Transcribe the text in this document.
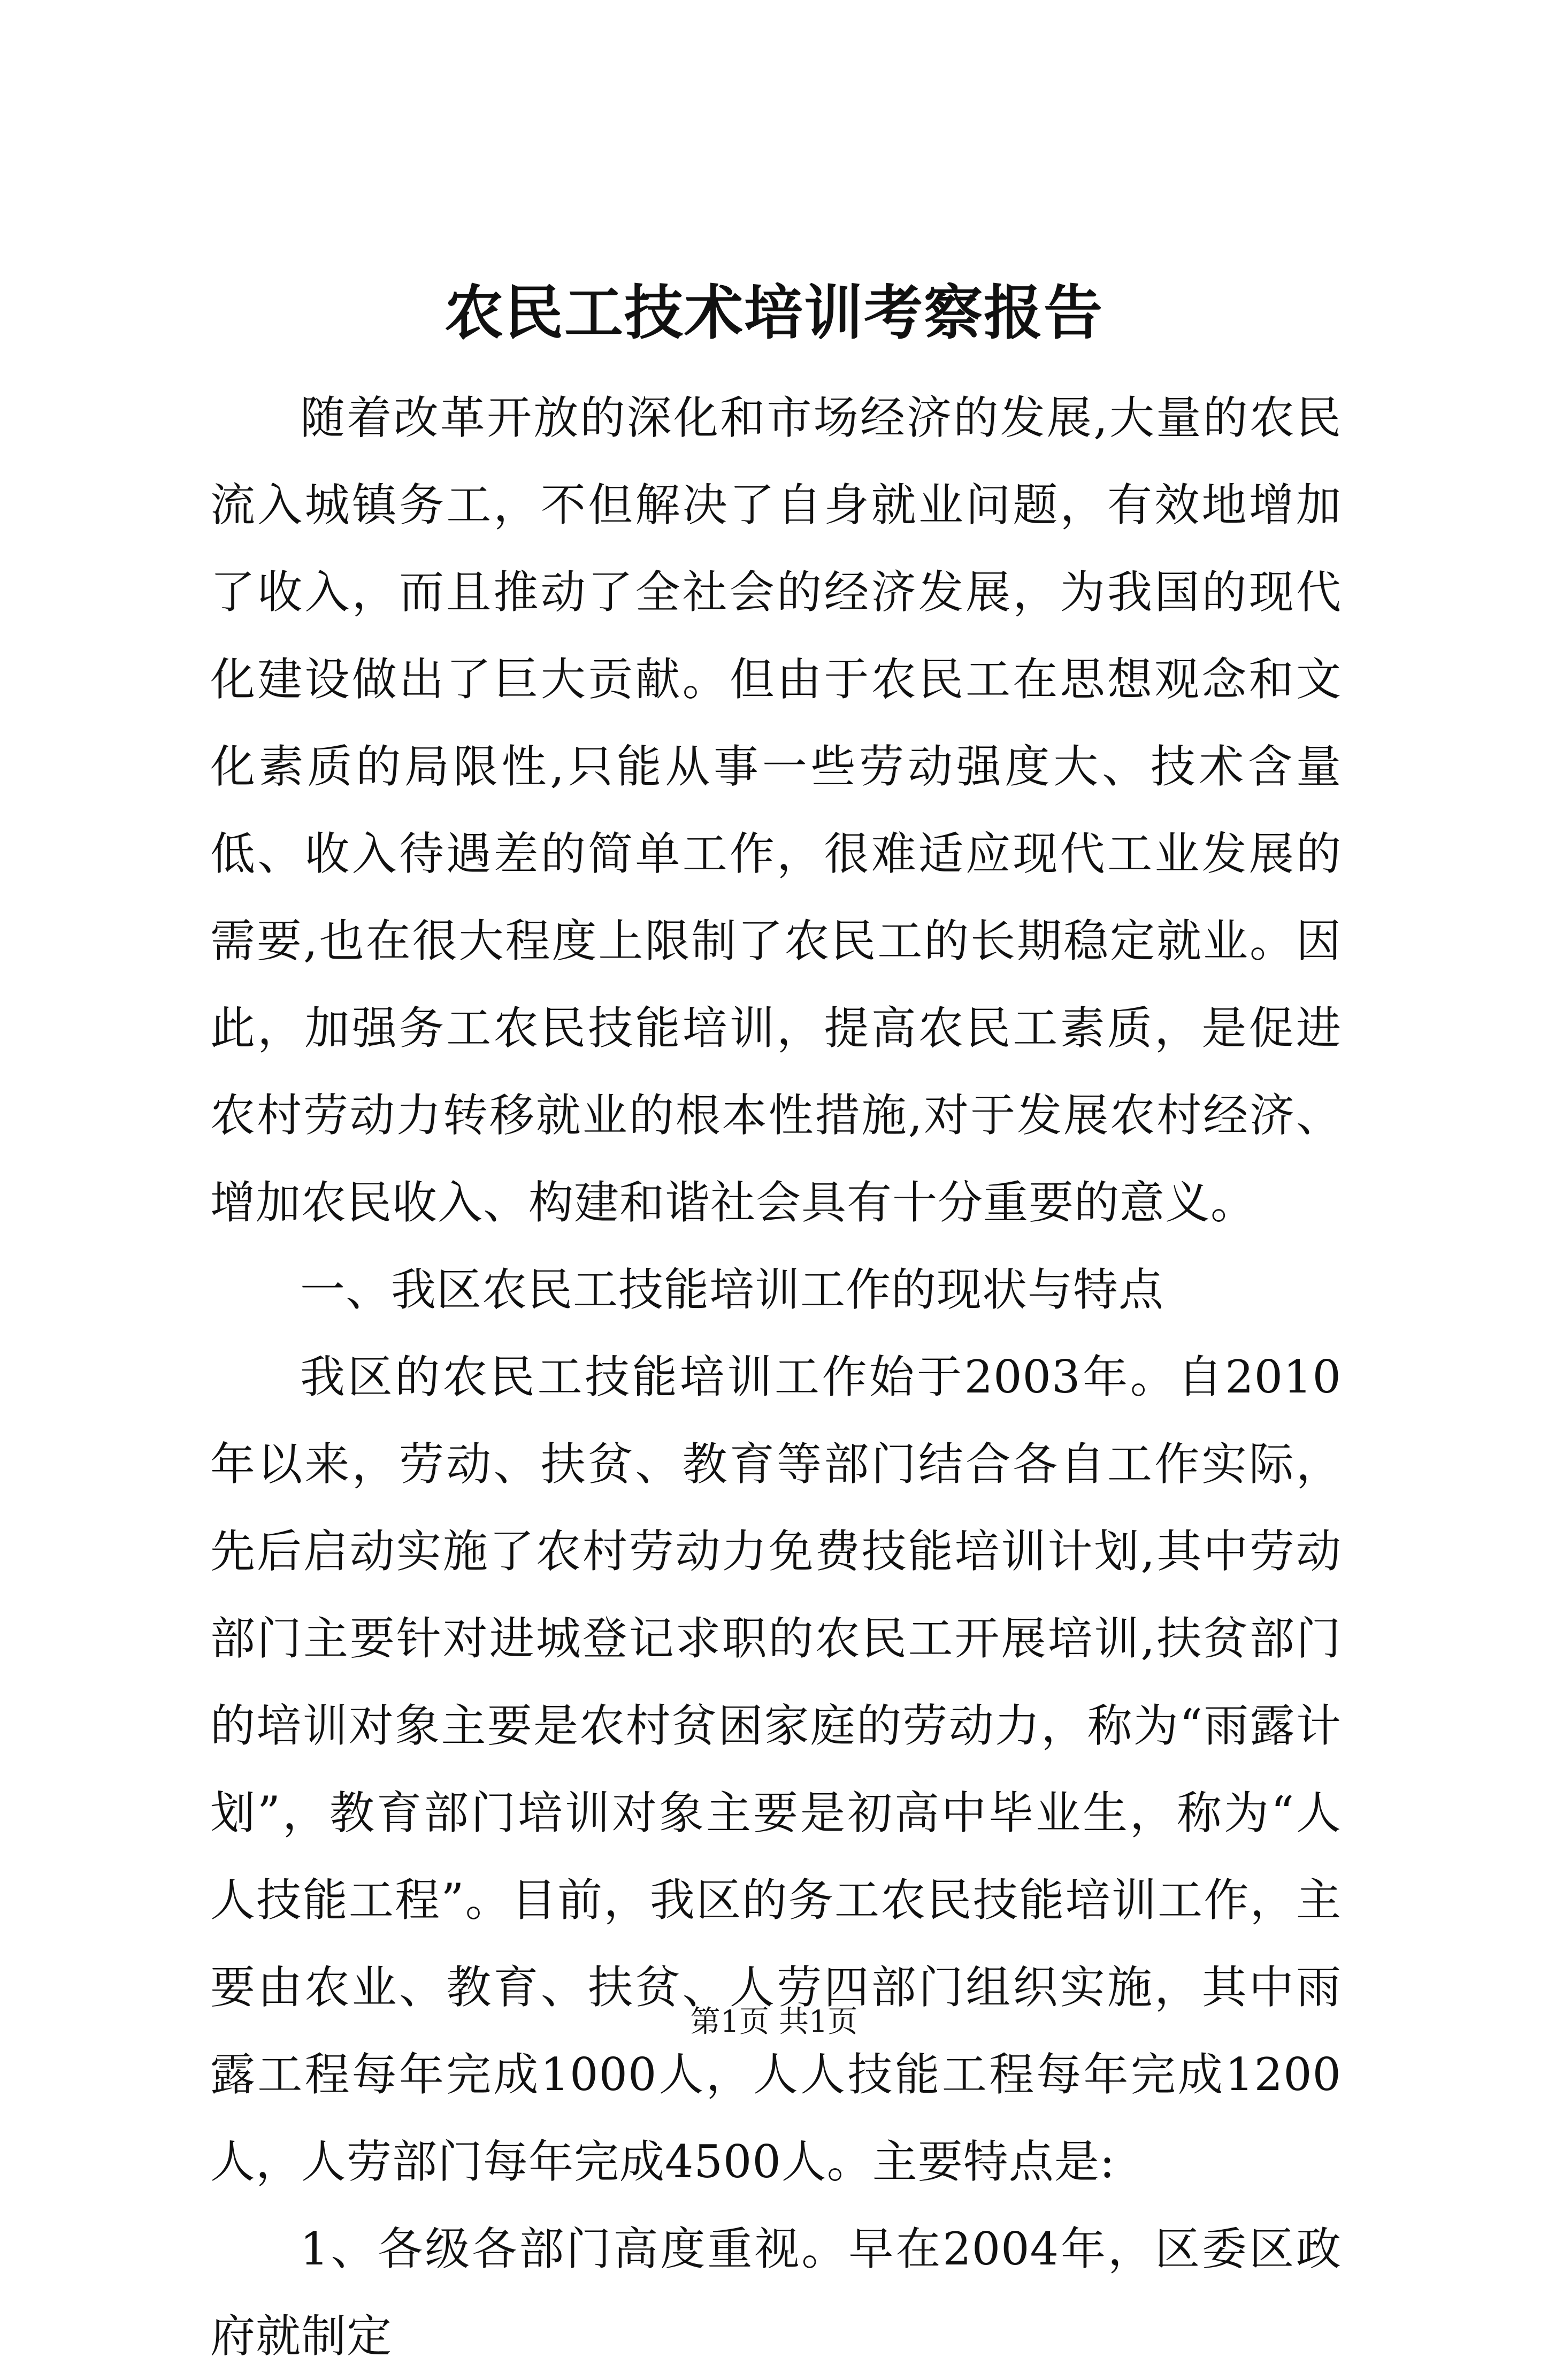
农民工技术培训考察报告

随着改革开放的深化和市场经济的发展,大量的农民流入城镇务工，不但解决了自身就业问题，有效地增加了收入，而且推动了全社会的经济发展，为我国的现代化建设做出了巨大贡献。但由于农民工在思想观念和文化素质的局限性,只能从事一些劳动强度大、技术含量低、收入待遇差的简单工作，很难适应现代工业发展的需要,也在很大程度上限制了农民工的长期稳定就业。因此，加强务工农民技能培训，提高农民工素质，是促进农村劳动力转移就业的根本性措施,对于发展农村经济、增加农民收入、构建和谐社会具有十分重要的意义。

一、我区农民工技能培训工作的现状与特点

我区的农民工技能培训工作始于2003年。自2010年以来，劳动、扶贫、教育等部门结合各自工作实际，先后启动实施了农村劳动力免费技能培训计划,其中劳动部门主要针对进城登记求职的农民工开展培训,扶贫部门的培训对象主要是农村贫困家庭的劳动力，称为“雨露计划”，教育部门培训对象主要是初高中毕业生，称为“人人技能工程”。目前，我区的务工农民技能培训工作，主要由农业、教育、扶贫、人劳四部门组织实施，其中雨露工程每年完成1000人，人人技能工程每年完成1200人，人劳部门每年完成4500人。主要特点是:

1、各级各部门高度重视。早在2004年，区委区政府就制定

第1页 共1页
